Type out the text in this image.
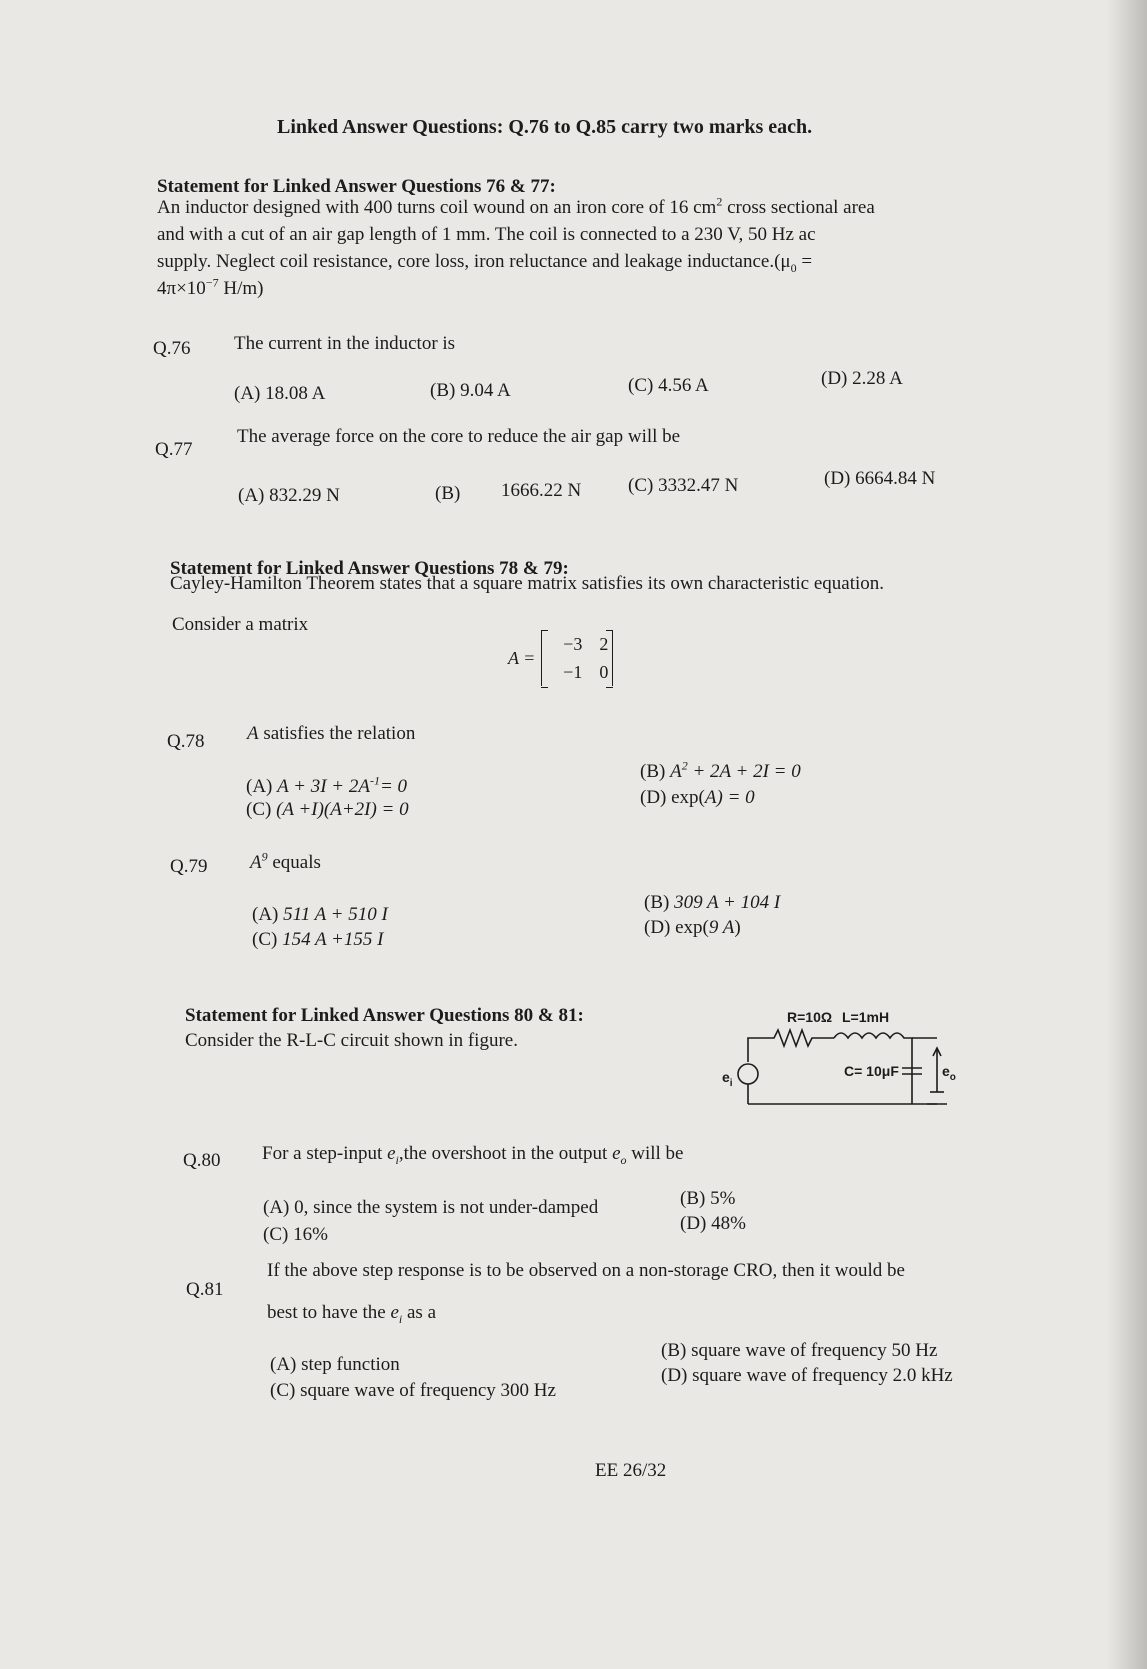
Linked Answer Questions: Q.76 to Q.85 carry two marks each.
Statement for Linked Answer Questions 76 & 77:
An inductor designed with 400 turns coil wound on an iron core of 16 $cm^2$ cross sectional area
and with a cut of an air gap length of 1 mm. The coil is connected to a 230 V, 50 Hz ac
supply. Neglect coil resistance, core loss, iron reluctance and leakage $inductance.(\mu_0$ =
$4\pi\times 10^{-7}$ H/m)
Q.76 The current in the inductor is
(A) 18.08 A	(B) 9.04 A	(C) 4.56 A	(D) 2.28 A
Q.77
The average force on the core to reduce the air gap will be
(A) 832.29 N	(B) 1666.22 N (C) 3332.47 N	(D) 6664.84 N
Statement for Linked Answer Questions 78 & 79:
Cayley-Hamilton Theorem states that a square matrix satisfies its own characteristic equation.
Consider a matrix
A =
−3 2
−1 0
Q.78 A satisfies the relation
(A) $A + 3I + 2A^{-1}= 0$
(B) $A^2 + 2A + 2I = 0$
(C) (A +I)(A+2I) = 0
(D) exp(A) = 0
Q.79 $A^9$ equals
(A) 511 A + 510 I
(B) 309 A + 104 I
(C) 154 A +155 I
(D) exp(9 A)
Statement for Linked Answer Questions 80 & 81:
Consider the R-L-C circuit shown in figure.
R=10Ω L=1mH
$e_i$
C= 10μF	$e_o$
Q.80 For a step-input $e_i,the$ overshoot in the output $e_o$ will be
(A) 0, since the system is not under-damped	(B) 5%
(C) 16%
(D) 48%
Q.81
If the above step response is to be observed on a non-storage CRO, then it would be
best to have the $e_i$ as a
(A) step function
(B) square wave of frequency 50 Hz
(C) square wave of frequency 300 Hz
(D) square wave of frequency 2.0 kHz
EE 26/32
